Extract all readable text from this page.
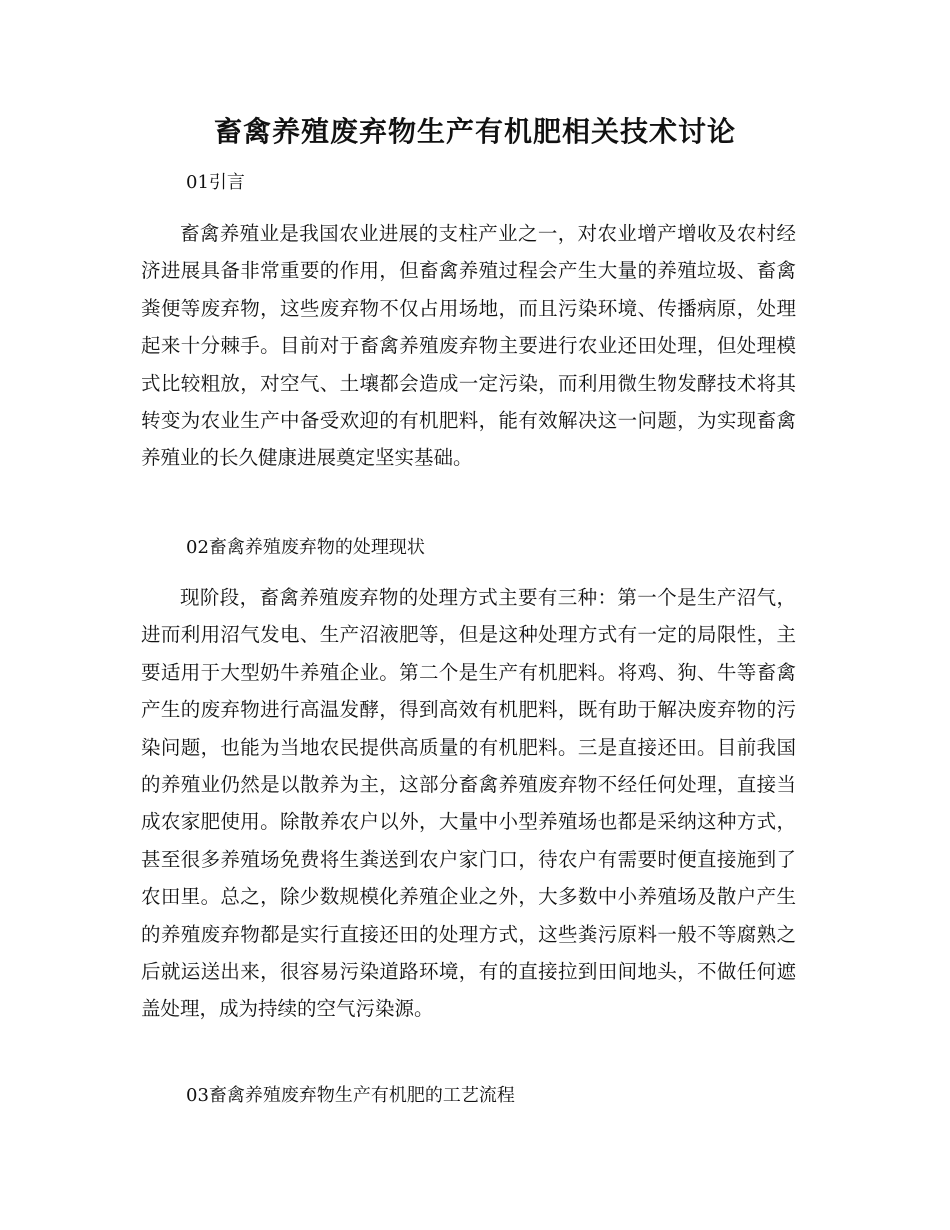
畜禽养殖废弃物生产有机肥相关技术讨论

01引言

畜禽养殖业是我国农业进展的支柱产业之一，对农业增产增收及农村经济进展具备非常重要的作用，但畜禽养殖过程会产生大量的养殖垃圾、畜禽粪便等废弃物，这些废弃物不仅占用场地，而且污染环境、传播病原，处理起来十分棘手。目前对于畜禽养殖废弃物主要进行农业还田处理，但处理模式比较粗放，对空气、土壤都会造成一定污染，而利用微生物发酵技术将其转变为农业生产中备受欢迎的有机肥料，能有效解决这一问题，为实现畜禽养殖业的长久健康进展奠定坚实基础。

02畜禽养殖废弃物的处理现状

现阶段，畜禽养殖废弃物的处理方式主要有三种：第一个是生产沼气，进而利用沼气发电、生产沼液肥等，但是这种处理方式有一定的局限性，主要适用于大型奶牛养殖企业。第二个是生产有机肥料。将鸡、狗、牛等畜禽产生的废弃物进行高温发酵，得到高效有机肥料，既有助于解决废弃物的污染问题，也能为当地农民提供高质量的有机肥料。三是直接还田。目前我国的养殖业仍然是以散养为主，这部分畜禽养殖废弃物不经任何处理，直接当成农家肥使用。除散养农户以外，大量中小型养殖场也都是采纳这种方式，甚至很多养殖场免费将生粪送到农户家门口，待农户有需要时便直接施到了农田里。总之，除少数规模化养殖企业之外，大多数中小养殖场及散户产生的养殖废弃物都是实行直接还田的处理方式，这些粪污原料一般不等腐熟之后就运送出来，很容易污染道路环境，有的直接拉到田间地头，不做任何遮盖处理，成为持续的空气污染源。

03畜禽养殖废弃物生产有机肥的工艺流程
